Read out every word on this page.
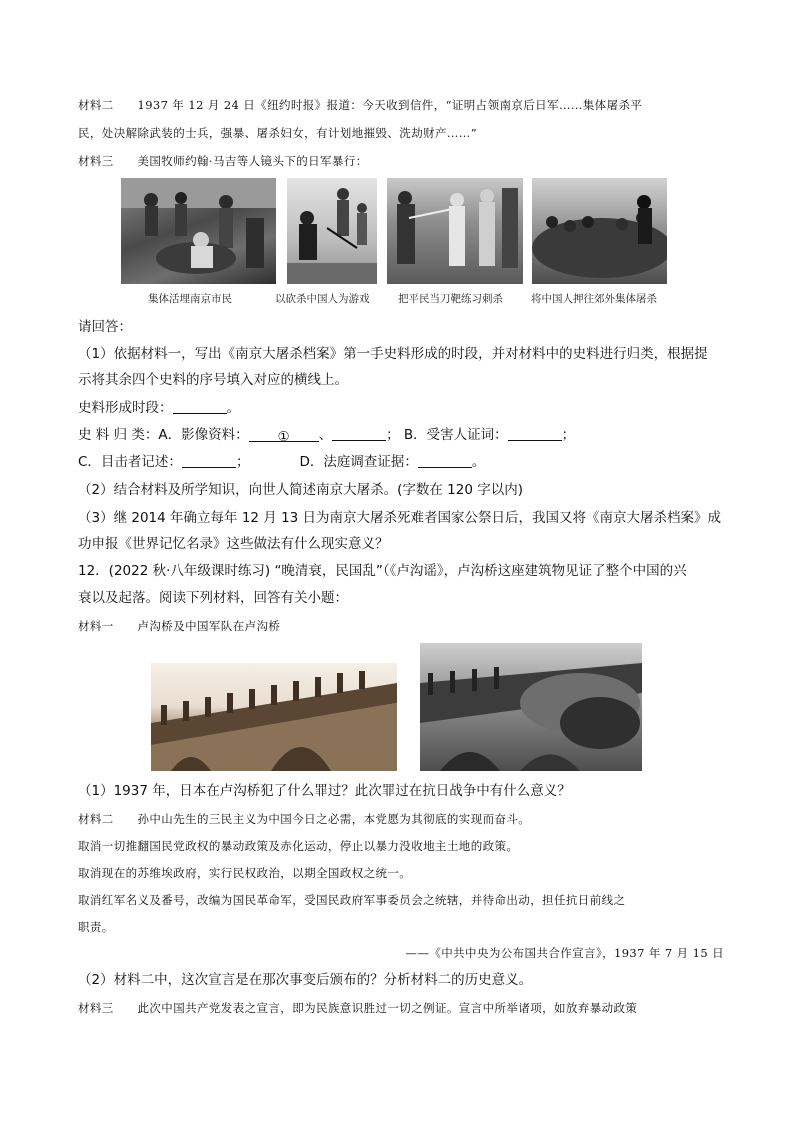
材料二　　1937 年 12 月 24 日《纽约时报》报道：今天收到信件，“证明占领南京后日军……集体屠杀平
民，处决解除武装的士兵，强暴、屠杀妇女，有计划地摧毁、洗劫财产……”
材料三　　美国牧师约翰·马吉等人镜头下的日军暴行：
集体活埋南京市民	以砍杀中国人为游戏	把平民当刀靶练习刺杀	将中国人押往郊外集体屠杀
请回答：
（1）依据材料一，写出《南京大屠杀档案》第一手史料形成的时段，并对材料中的史料进行归类，根据提
示将其余四个史料的序号填入对应的横线上。
史料形成时段：	。
史 料 归 类：A．影像资料： ① 、	； B．受害人证词：	；
C．目击者记述：	；	D．法庭调查证据：	。
（2）结合材料及所学知识，向世人简述南京大屠杀。(字数在 120 字以内)
（3）继 2014 年确立每年 12 月 13 日为南京大屠杀死难者国家公祭日后，我国又将《南京大屠杀档案》成
功申报《世界记忆名录》这些做法有什么现实意义？
12．(2022 秋·八年级课时练习) “晚清衰，民国乱”（《卢沟谣》，卢沟桥这座建筑物见证了整个中国的兴
衰以及起落。阅读下列材料，回答有关小题：
材料一　　卢沟桥及中国军队在卢沟桥
（1）1937 年，日本在卢沟桥犯了什么罪过？此次罪过在抗日战争中有什么意义？
材料二　　孙中山先生的三民主义为中国今日之必需，本党愿为其彻底的实现而奋斗。
取消一切推翻国民党政权的暴动政策及赤化运动，停止以暴力没收地主土地的政策。
取消现在的苏维埃政府，实行民权政治，以期全国政权之统一。
取消红军名义及番号，改编为国民革命军，受国民政府军事委员会之统辖，并待命出动，担任抗日前线之
职责。
——《中共中央为公布国共合作宣言》，1937 年 7 月 15 日
（2）材料二中，这次宣言是在那次事变后颁布的？分析材料二的历史意义。
材料三　　此次中国共产党发表之宣言，即为民族意识胜过一切之例证。宣言中所举诸项，如放弃暴动政策
